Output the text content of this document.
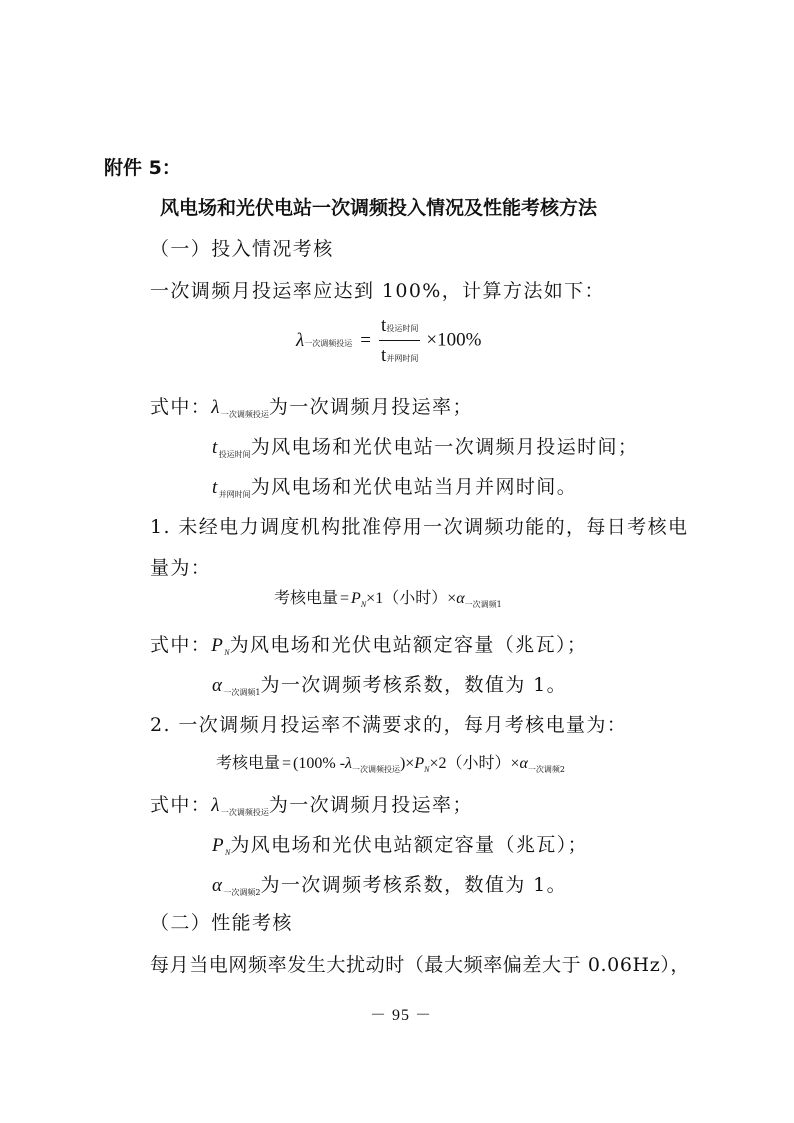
附件 5：
风电场和光伏电站一次调频投入情况及性能考核方法
（一）投入情况考核
一次调频月投运率应达到 100%，计算方法如下：
λ一次调频投运 = $\frac{\text{t投运时间}}{\text{t并网时间}} \times 100\%$
式中：$\lambda_{一次调频投运}$为一次调频月投运率；
$t_{投运时间}$为风电场和光伏电站一次调频月投运时间；
$t_{并网时间}$为风电场和光伏电站当月并网时间。
1. 未经电力调度机构批准停用一次调频功能的，每日考核电
量为：
考核电量 = $P_N\times 1$（小时）$\times\alpha_{一次调频1}$
式中：$P_N$为风电场和光伏电站额定容量（兆瓦）；
$\alpha_{一次调频1}$为一次调频考核系数，数值为 1。
2. 一次调频月投运率不满要求的，每月考核电量为：
考核电量 = (100% $-\lambda_{一次调频投运})\times P_N\times 2$（小时）$\times\alpha_{一次调频2}$
式中：$\lambda_{一次调频投运}$为一次调频月投运率；
$P_N$为风电场和光伏电站额定容量（兆瓦）；
$\alpha_{一次调频2}$为一次调频考核系数，数值为 1。
（二）性能考核
每月当电网频率发生大扰动时（最大频率偏差大于 0.06Hz），
－ 95 －
